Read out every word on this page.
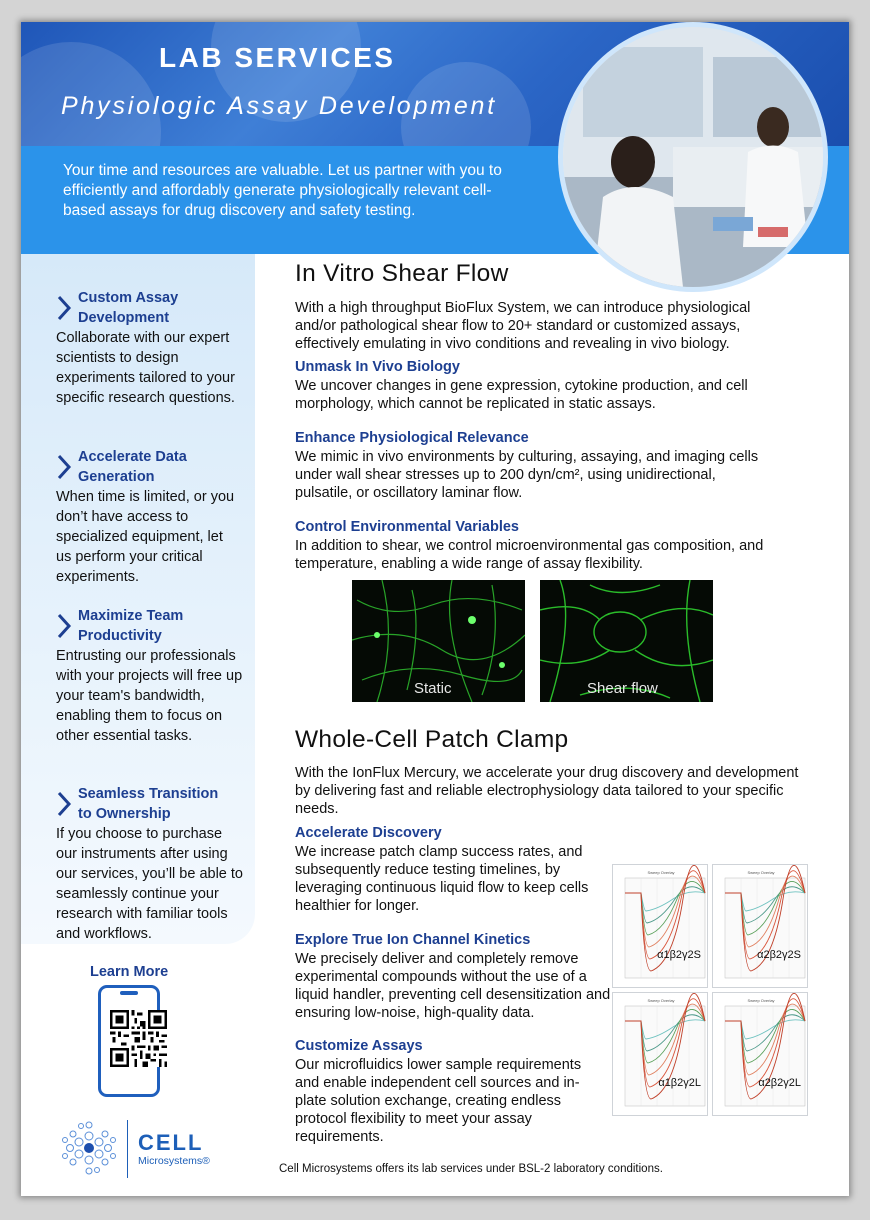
LAB SERVICES
Physiologic Assay Development
Your time and resources are valuable. Let us partner with you to efficiently and affordably generate physiologically relevant cell-based assays for drug discovery and safety testing.
Custom Assay Development
Collaborate with our expert scientists to design experiments tailored to your specific research questions.
Accelerate Data Generation
When time is limited, or you don’t have access to specialized equipment, let us perform your critical experiments.
Maximize Team Productivity
Entrusting our professionals with your projects will free up your team's bandwidth, enabling them to focus on other essential tasks.
Seamless Transition to Ownership
If you choose to purchase our instruments after using our services, you’ll be able to seamlessly continue your research with familiar tools and workflows.
Learn More
CELL
Microsystems®
In Vitro Shear Flow
With a high throughput BioFlux System, we can introduce physiological and/or pathological shear flow to 20+ standard or customized assays, effectively emulating in vivo conditions and revealing in vivo biology.
Unmask In Vivo Biology
We uncover changes in gene expression, cytokine production, and cell morphology, which cannot be replicated in static assays.
Enhance Physiological Relevance
We mimic in vivo environments by culturing, assaying, and imaging cells under wall shear stresses up to 200 dyn/cm², using unidirectional, pulsatile, or oscillatory laminar flow.
Control Environmental Variables
In addition to shear, we control microenvironmental gas composition, and temperature, enabling a wide range of assay flexibility.
Static	Shear flow
Whole-Cell Patch Clamp
With the IonFlux Mercury, we accelerate your drug discovery and development by delivering fast and reliable electrophysiology data tailored to your specific needs.
Accelerate Discovery
We increase patch clamp success rates, and subsequently reduce testing timelines, by leveraging continuous liquid flow to keep cells healthier for longer.
Explore True Ion Channel Kinetics
We precisely deliver and completely remove experimental compounds without the use of a liquid handler, preventing cell desensitization and ensuring low-noise, high-quality data.
Customize Assays
Our microfluidics lower sample requirements and enable independent cell sources and in-plate solution exchange, creating endless protocol flexibility to meet your assay requirements.
Sweep Overlay
α1β2γ2S
Sweep Overlay
α2β2γ2S
Sweep Overlay
α1β2γ2L
Sweep Overlay
α2β2γ2L
Cell Microsystems offers its lab services under BSL-2 laboratory conditions.
